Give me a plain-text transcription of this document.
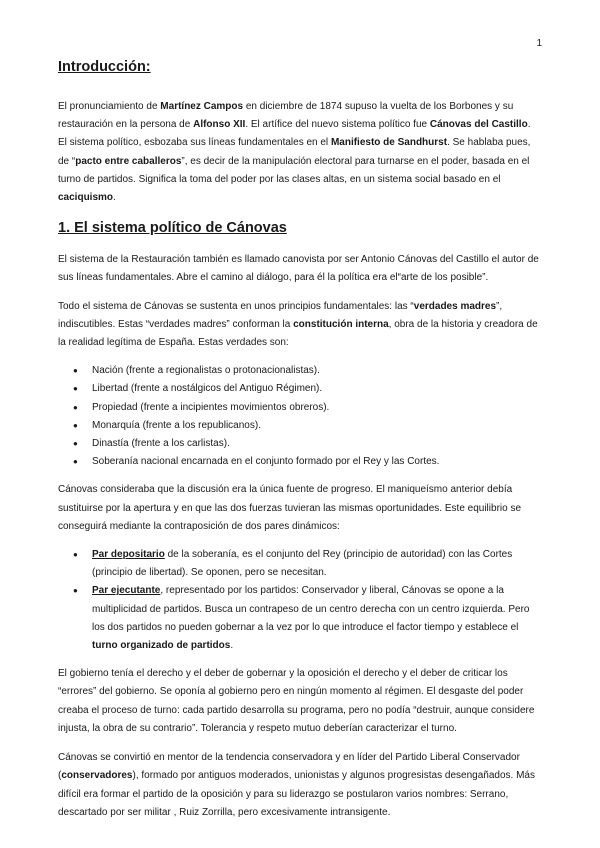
1
Introducción:

El pronunciamiento de Martínez Campos en diciembre de 1874 supuso la vuelta de los Borbones y su restauración en la persona de Alfonso XII. El artífice del nuevo sistema político fue Cánovas del Castillo. El sistema político, esbozaba sus líneas fundamentales en el Manifiesto de Sandhurst. Se hablaba pues, de “pacto entre caballeros”, es decir de la manipulación electoral para turnarse en el poder, basada en el turno de partidos. Significa la toma del poder por las clases altas, en un sistema social basado en el caciquismo.

1. El sistema político de Cánovas

El sistema de la Restauración también es llamado canovista por ser Antonio Cánovas del Castillo el autor de sus líneas fundamentales. Abre el camino al diálogo, para él la política era el“arte de los posible”.

Todo el sistema de Cánovas se sustenta en unos principios fundamentales: las “verdades madres”, indiscutibles. Estas “verdades madres” conforman la constitución interna, obra de la historia y creadora de la realidad legítima de España. Estas verdades son:

● Nación (frente a regionalistas o protonacionalistas).
● Libertad (frente a nostálgicos del Antiguo Régimen).
● Propiedad (frente a incipientes movimientos obreros).
● Monarquía (frente a los republicanos).
● Dinastía (frente a los carlistas).
● Soberanía nacional encarnada en el conjunto formado por el Rey y las Cortes.

Cánovas consideraba que la discusión era la única fuente de progreso. El maniqueísmo anterior debía sustituirse por la apertura y en que las dos fuerzas tuvieran las mismas oportunidades. Este equilibrio se conseguirá mediante la contraposición de dos pares dinámicos:

● Par depositario de la soberanía, es el conjunto del Rey (principio de autoridad) con las Cortes (principio de libertad). Se oponen, pero se necesitan.
● Par ejecutante, representado por los partidos: Conservador y liberal, Cánovas se opone a la multiplicidad de partidos. Busca un contrapeso de un centro derecha con un centro izquierda. Pero los dos partidos no pueden gobernar a la vez por lo que introduce el factor tiempo y establece el turno organizado de partidos.

El gobierno tenía el derecho y el deber de gobernar y la oposición el derecho y el deber de criticar los “errores” del gobierno. Se oponía al gobierno pero en ningún momento al régimen. El desgaste del poder creaba el proceso de turno: cada partido desarrolla su programa, pero no podía “destruir, aunque considere injusta, la obra de su contrario”. Tolerancia y respeto mutuo deberían caracterizar el turno.

Cánovas se convirtió en mentor de la tendencia conservadora y en líder del Partido Liberal Conservador (conservadores), formado por antiguos moderados, unionistas y algunos progresistas desengañados. Más difícil era formar el partido de la oposición y para su liderazgo se postularon varios nombres: Serrano, descartado por ser militar , Ruiz Zorrilla, pero excesivamente intransigente.
